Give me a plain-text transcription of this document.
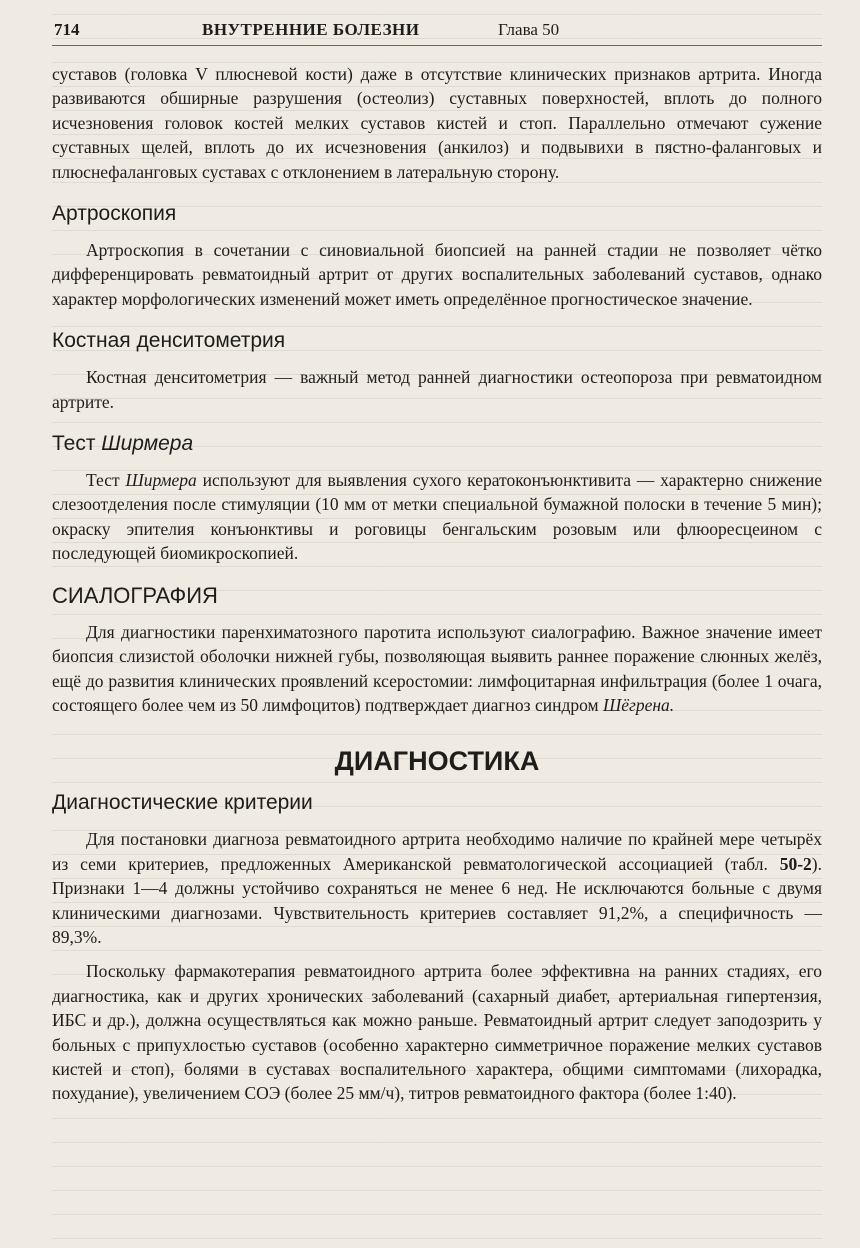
714	ВНУТРЕННИЕ БОЛЕЗНИ	Глава 50

суставов (головка V плюсневой кости) даже в отсутствие клинических признаков артрита. Иногда развиваются обширные разрушения (остеолиз) суставных поверхностей, вплоть до полного исчезновения головок костей мелких суставов кистей и стоп. Параллельно отмечают сужение суставных щелей, вплоть до их исчезновения (анкилоз) и подвывихи в пястно-фаланговых и плюснефаланговых суставах с отклонением в латеральную сторону.

Артроскопия

Артроскопия в сочетании с синовиальной биопсией на ранней стадии не позволяет чётко дифференцировать ревматоидный артрит от других воспалительных заболеваний суставов, однако характер морфологических изменений может иметь определённое прогностическое значение.

Костная денситометрия

Костная денситометрия — важный метод ранней диагностики остеопороза при ревматоидном артрите.

Тест Ширмера

Тест Ширмера используют для выявления сухого кератоконъюнктивита — характерно снижение слезоотделения после стимуляции (10 мм от метки специальной бумажной полоски в течение 5 мин); окраску эпителия конъюнктивы и роговицы бенгальским розовым или флюоресцеином с последующей биомикроскопией.

СИАЛОГРАФИЯ

Для диагностики паренхиматозного паротита используют сиалографию. Важное значение имеет биопсия слизистой оболочки нижней губы, позволяющая выявить раннее поражение слюнных желёз, ещё до развития клинических проявлений ксеростомии: лимфоцитарная инфильтрация (более 1 очага, состоящего более чем из 50 лимфоцитов) подтверждает диагноз синдром Шёгрена.

ДИАГНОСТИКА
Диагностические критерии

Для постановки диагноза ревматоидного артрита необходимо наличие по крайней мере четырёх из семи критериев, предложенных Американской ревматологической ассоциацией (табл. 50-2). Признаки 1—4 должны устойчиво сохраняться не менее 6 нед. Не исключаются больные с двумя клиническими диагнозами. Чувствительность критериев составляет 91,2%, а специфичность — 89,3%.

Поскольку фармакотерапия ревматоидного артрита более эффективна на ранних стадиях, его диагностика, как и других хронических заболеваний (сахарный диабет, артериальная гипертензия, ИБС и др.), должна осуществляться как можно раньше. Ревматоидный артрит следует заподозрить у больных с припухлостью суставов (особенно характерно симметричное поражение мелких суставов кистей и стоп), болями в суставах воспалительного характера, общими симптомами (лихорадка, похудание), увеличением СОЭ (более 25 мм/ч), титров ревматоидного фактора (более 1:40).
